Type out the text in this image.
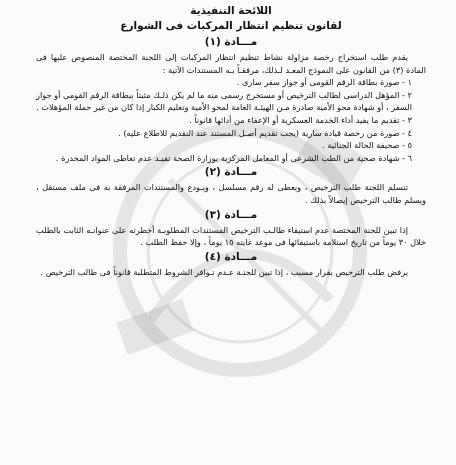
اللائحة التنفيذية

لقانون تنظيم انتظار المركبات فى الشوارع

مـــادة (١)

يقدم طلب استخراج رخصة مزاولة نشاط تنظيم انتظار المركبات إلى اللجنة المختصة المنصوص عليها فى المادة (٣) من القانون على النموذج المعـد لـذلك، مرفقـاً بـه المستندات الآتية :

١ - صورة بطاقة الرقم القومى أو جواز سفر سارى .

٢ - المؤهل الدراسى لطالب الترخيص أو مستخرج رسمى منه ما لم يكن ذلـك مثبتاً ببطاقة الرقم القومى أو جواز السفر ، أو شهادة محو الأمية صادرة مـن الهيئـة العامة لمحو الأمية وتعليم الكبار إذا كان من غير حملة المؤهلات .

٣ - تقديم ما يفيد أداء الخدمة العسكرية أو الإعفاء من أدائها قانوناً .

٤ - صورة من رخصة قيادة سارية (يجب تقديم أصـل المستند عند التقديم للاطلاع عليه) .

٥ - صحيفة الحالة الجنائية .

٦ - شهادة صحية من الطب الشرعى أو المعامل المركزية بوزارة الصحة تفيـد عدم تعاطى المواد المخدرة .

مـــادة (٢)

تتسلم اللجنة طلب الترخيص ، ويعطى له رقم مسلسل ، ويـودع والمستندات المرفقة به فى ملف مستقل ، ويسلم طالب الترخيص إيصالاً بذلك .

مـــادة (٣)

إذا تبين للجنة المختصة عدم استيفاء طالـب الترخيص المستندات المطلوبـة أخطرته على عنوانـه الثابت بالطلب خلال ٣٠ يوماً من تاريخ استلامه باستيفائها فى موعد غايته ١٥ يوماً ، وإلا حفظ الطلب .

مـــادة (٤)

يرفض طلب الترخيص بقرار مسبب ، إذا تبين للجنـة عـدم تـوافر الشروط المتطلبة قانوناً فى طالب الترخيص .
